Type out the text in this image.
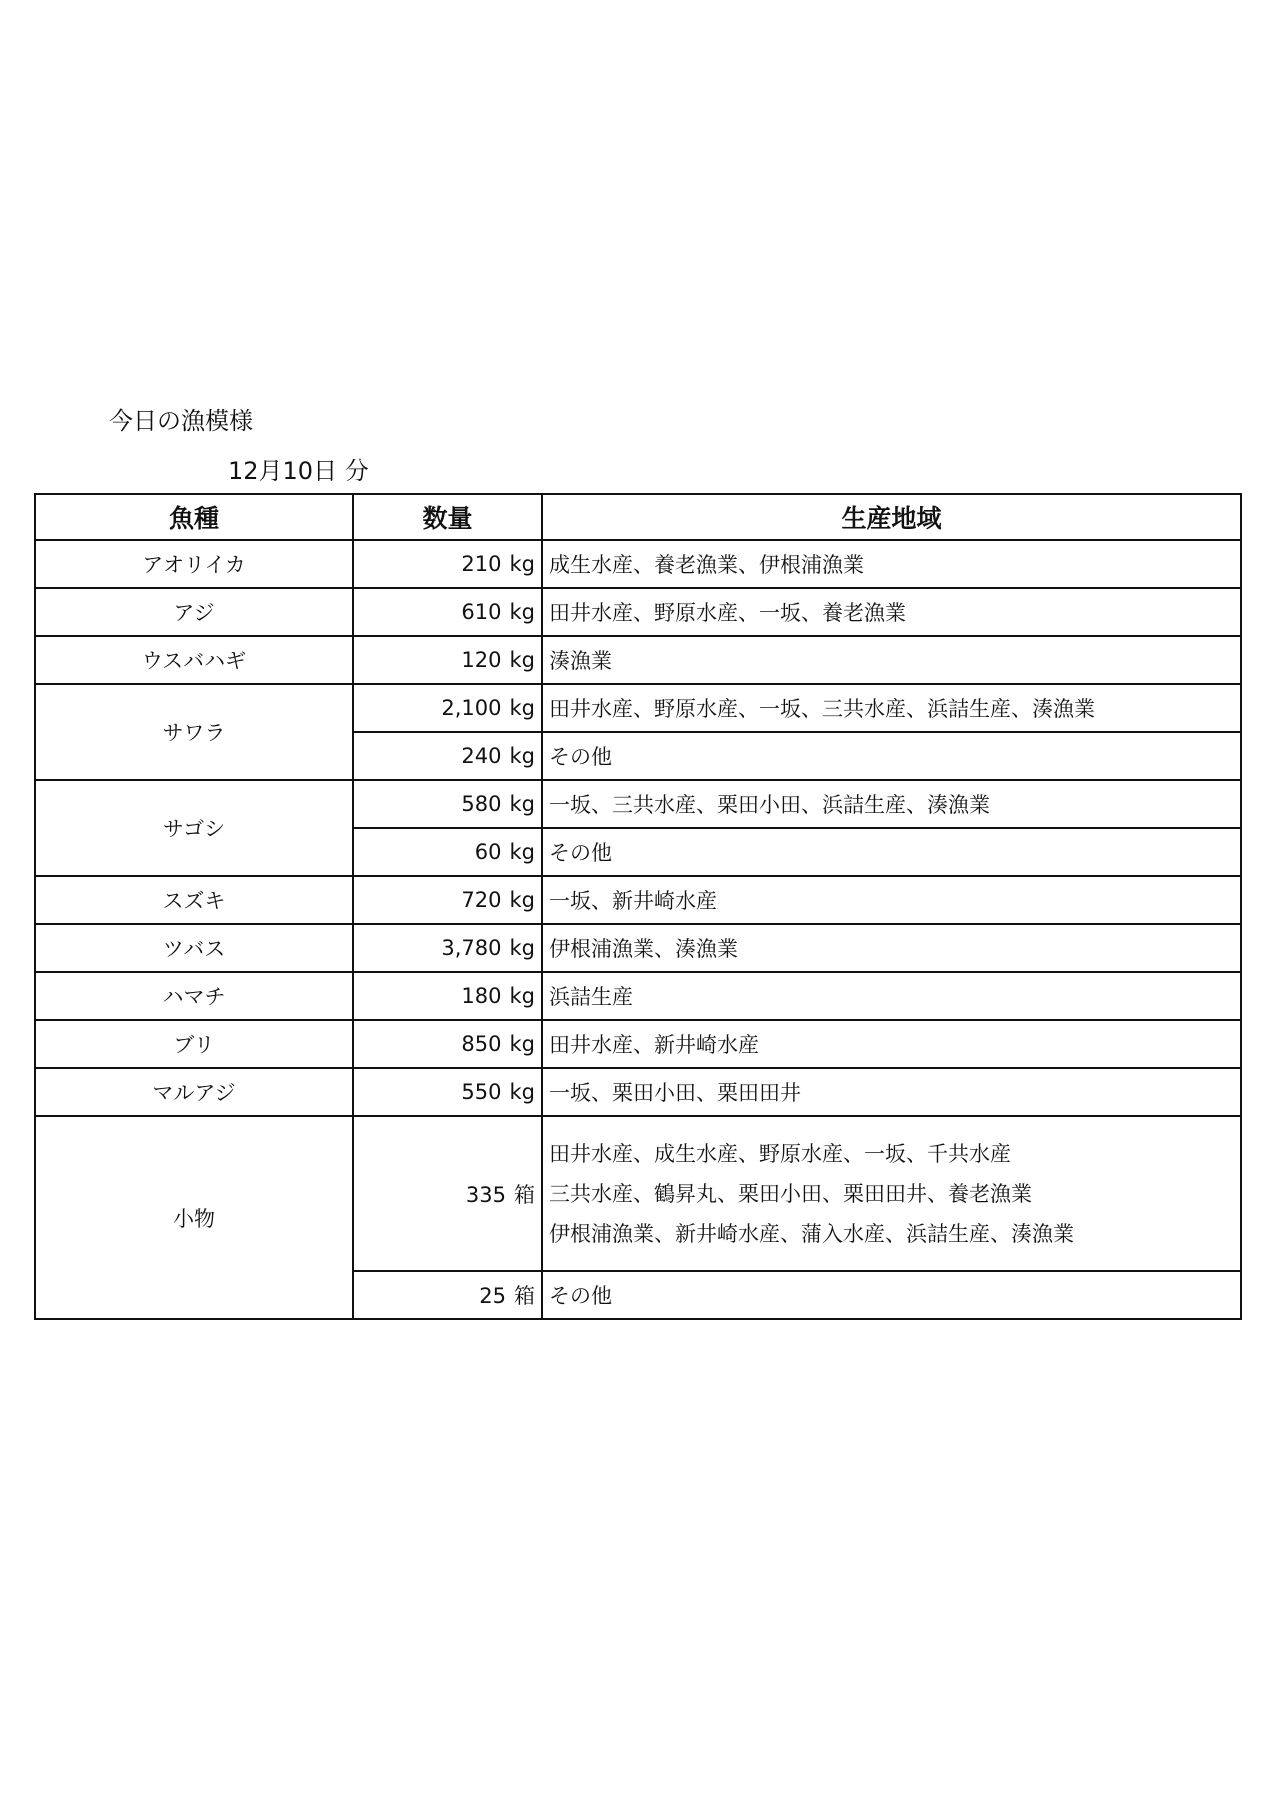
今日の漁模様
12月10日 分
魚種	数量	生産地域
アオリイカ	210 kg	成生水産、養老漁業、伊根浦漁業

アジ	610 kg	田井水産、野原水産、一坂、養老漁業

ウスバハギ	120 kg	湊漁業

サワラ	2,100 kg	田井水産、野原水産、一坂、三共水産、浜詰生産、湊漁業

	240 kg	その他

サゴシ	580 kg	一坂、三共水産、栗田小田、浜詰生産、湊漁業

	60 kg	その他

スズキ	720 kg	一坂、新井崎水産

ツバス	3,780 kg	伊根浦漁業、湊漁業

ハマチ	180 kg	浜詰生産

ブリ	850 kg	田井水産、新井崎水産

マルアジ	550 kg	一坂、栗田小田、栗田田井

小物	335 箱	田井水産、成生水産、野原水産、一坂、千共水産
三共水産、鶴昇丸、栗田小田、栗田田井、養老漁業
伊根浦漁業、新井崎水産、蒲入水産、浜詰生産、湊漁業

	25 箱	その他
